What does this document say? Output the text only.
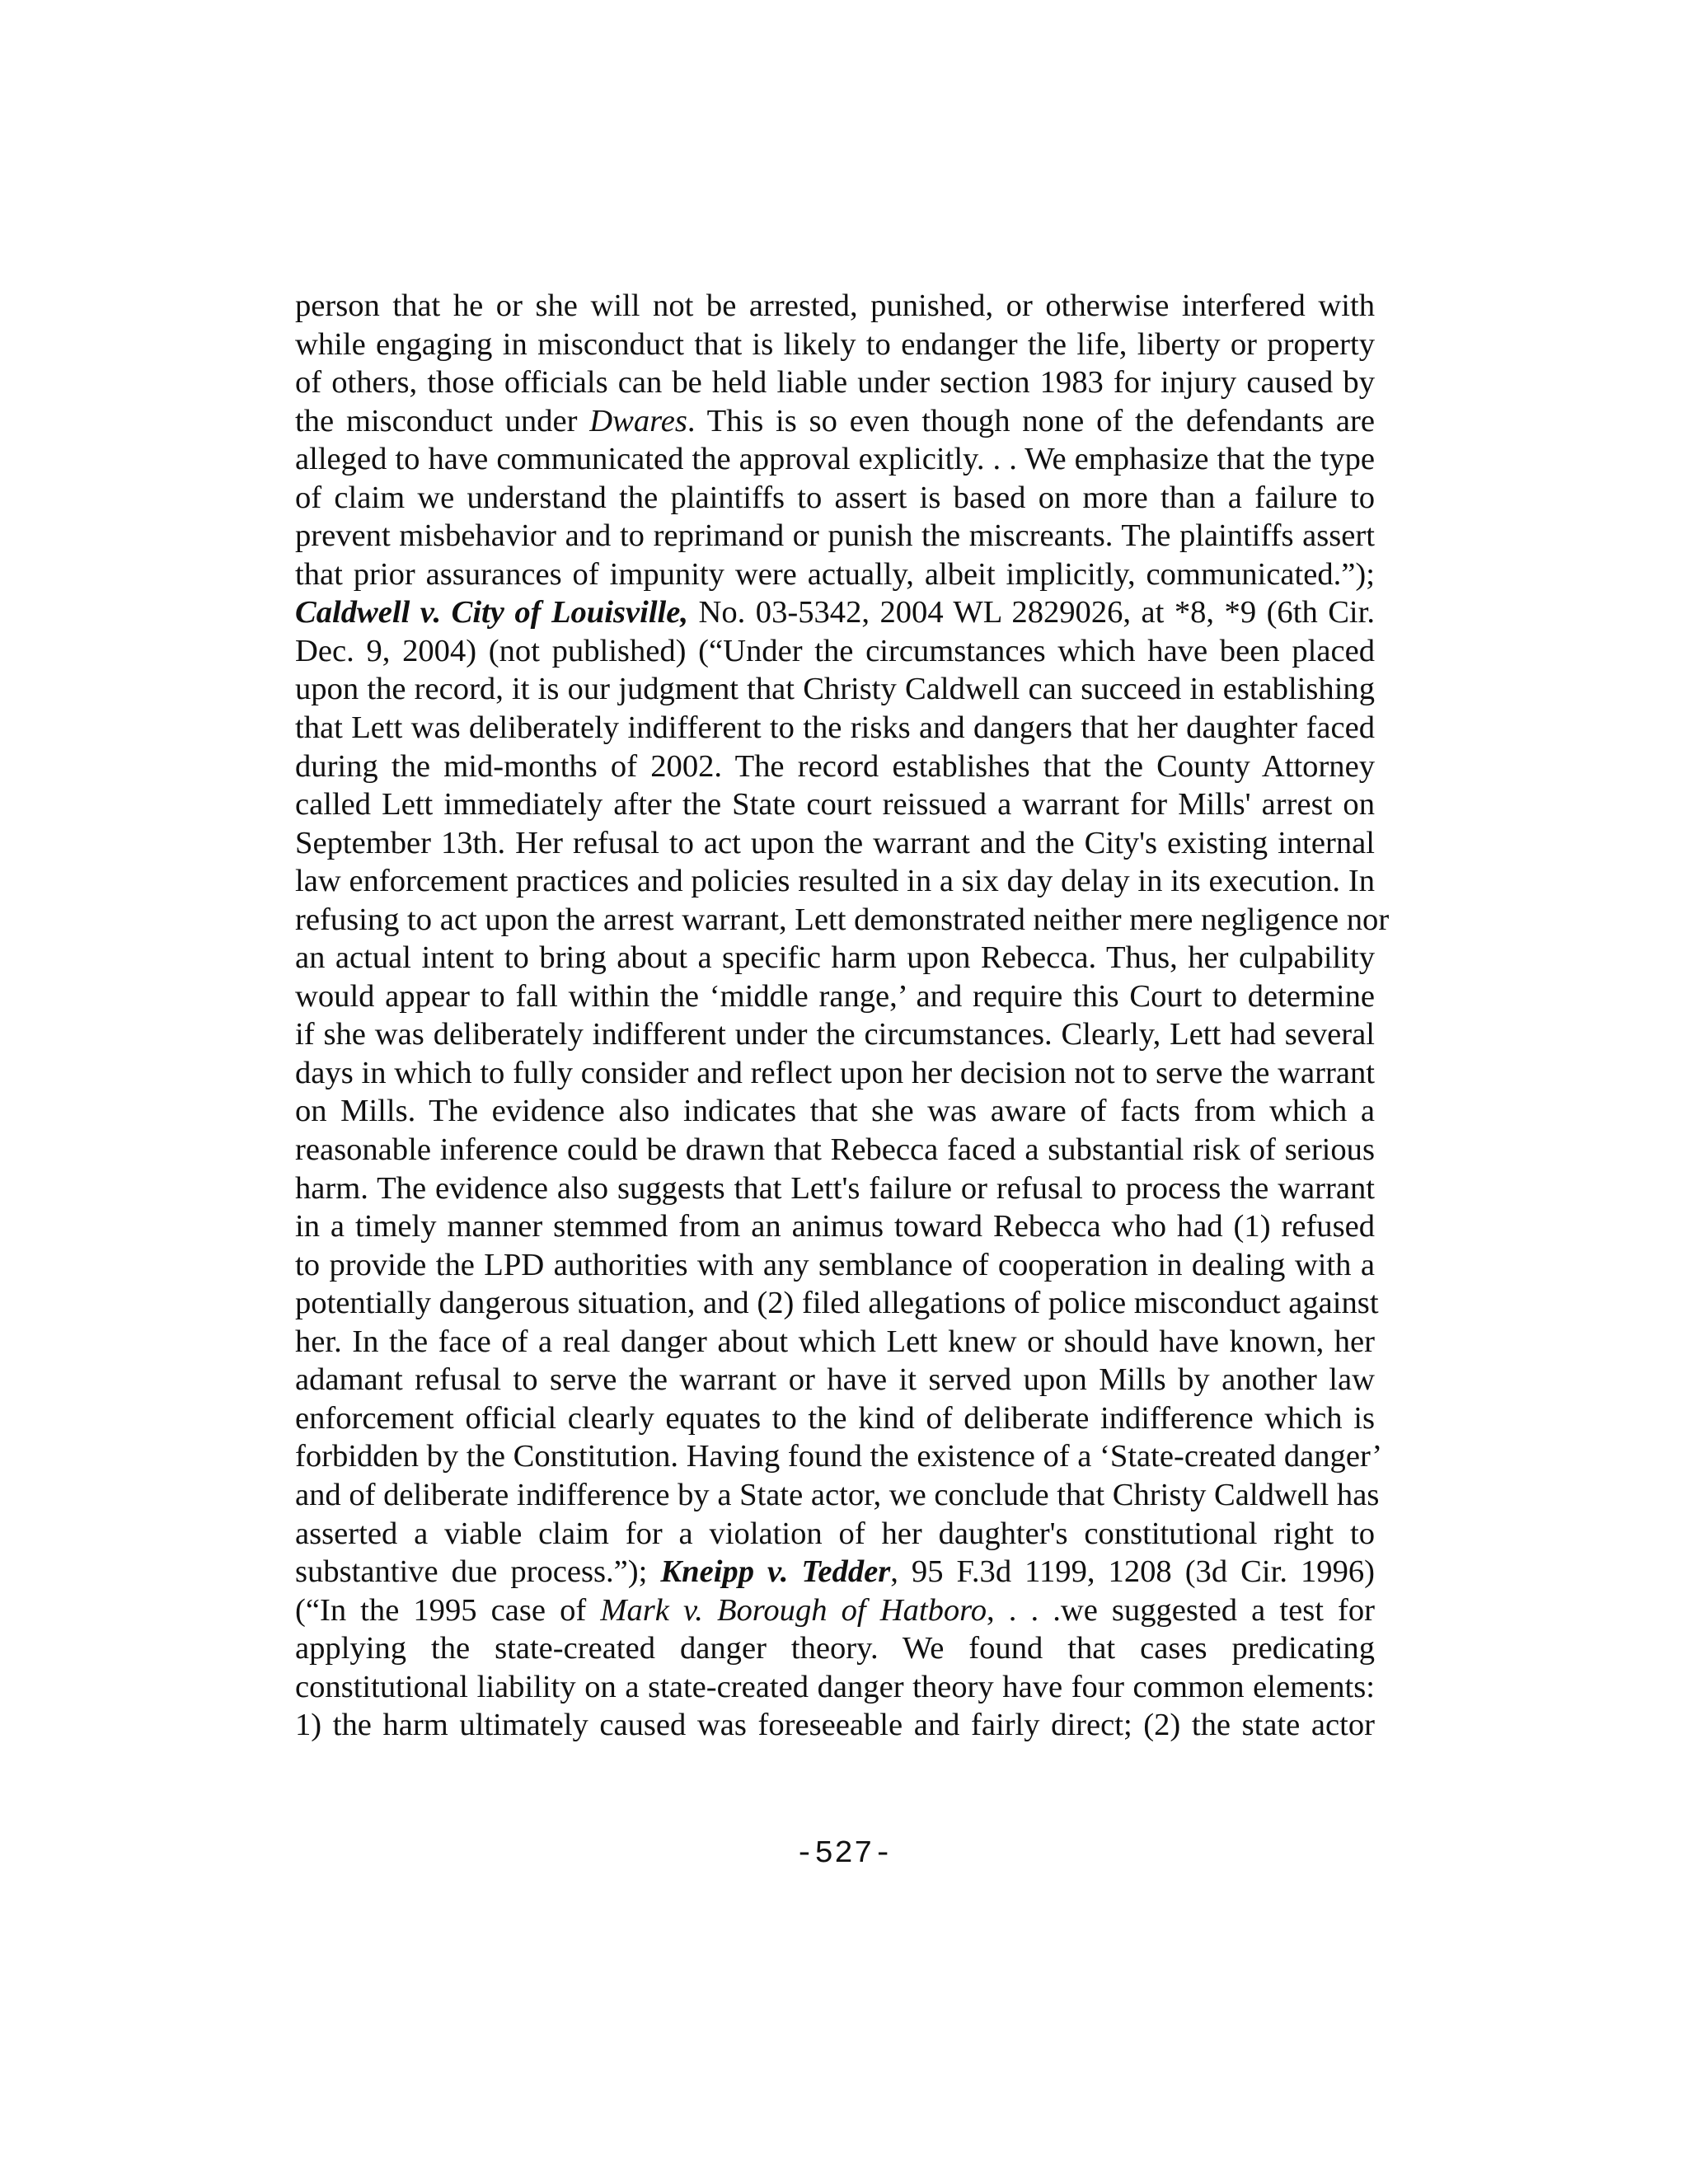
person that he or she will not be arrested, punished, or otherwise interfered with
while engaging in misconduct that is likely to endanger the life, liberty or property
of others, those officials can be held liable under section 1983 for injury caused by
the misconduct under Dwares. This is so even though none of the defendants are
alleged to have communicated the approval explicitly. . . We emphasize that the type
of claim we understand the plaintiffs to assert is based on more than a failure to
prevent misbehavior and to reprimand or punish the miscreants. The plaintiffs assert
that prior assurances of impunity were actually, albeit implicitly, communicated.”);
Caldwell v. City of Louisville, No. 03-5342, 2004 WL 2829026, at *8, *9 (6th Cir.
Dec. 9, 2004) (not published) (“Under the circumstances which have been placed
upon the record, it is our judgment that Christy Caldwell can succeed in establishing
that Lett was deliberately indifferent to the risks and dangers that her daughter faced
during the mid-months of 2002. The record establishes that the County Attorney
called Lett immediately after the State court reissued a warrant for Mills' arrest on
September 13th. Her refusal to act upon the warrant and the City's existing internal
law enforcement practices and policies resulted in a six day delay in its execution. In
refusing to act upon the arrest warrant, Lett demonstrated neither mere negligence nor
an actual intent to bring about a specific harm upon Rebecca. Thus, her culpability
would appear to fall within the ‘middle range,’ and require this Court to determine
if she was deliberately indifferent under the circumstances. Clearly, Lett had several
days in which to fully consider and reflect upon her decision not to serve the warrant
on Mills. The evidence also indicates that she was aware of facts from which a
reasonable inference could be drawn that Rebecca faced a substantial risk of serious
harm. The evidence also suggests that Lett's failure or refusal to process the warrant
in a timely manner stemmed from an animus toward Rebecca who had (1) refused
to provide the LPD authorities with any semblance of cooperation in dealing with a
potentially dangerous situation, and (2) filed allegations of police misconduct against
her. In the face of a real danger about which Lett knew or should have known, her
adamant refusal to serve the warrant or have it served upon Mills by another law
enforcement official clearly equates to the kind of deliberate indifference which is
forbidden by the Constitution. Having found the existence of a ‘State-created danger’
and of deliberate indifference by a State actor, we conclude that Christy Caldwell has
asserted a viable claim for a violation of her daughter's constitutional right to
substantive due process.”); Kneipp v. Tedder, 95 F.3d 1199, 1208 (3d Cir. 1996)
(“In the 1995 case of Mark v. Borough of Hatboro, . . .we suggested a test for
applying the state-created danger theory. We found that cases predicating
constitutional liability on a state-created danger theory have four common elements:
1) the harm ultimately caused was foreseeable and fairly direct; (2) the state actor
-527-
